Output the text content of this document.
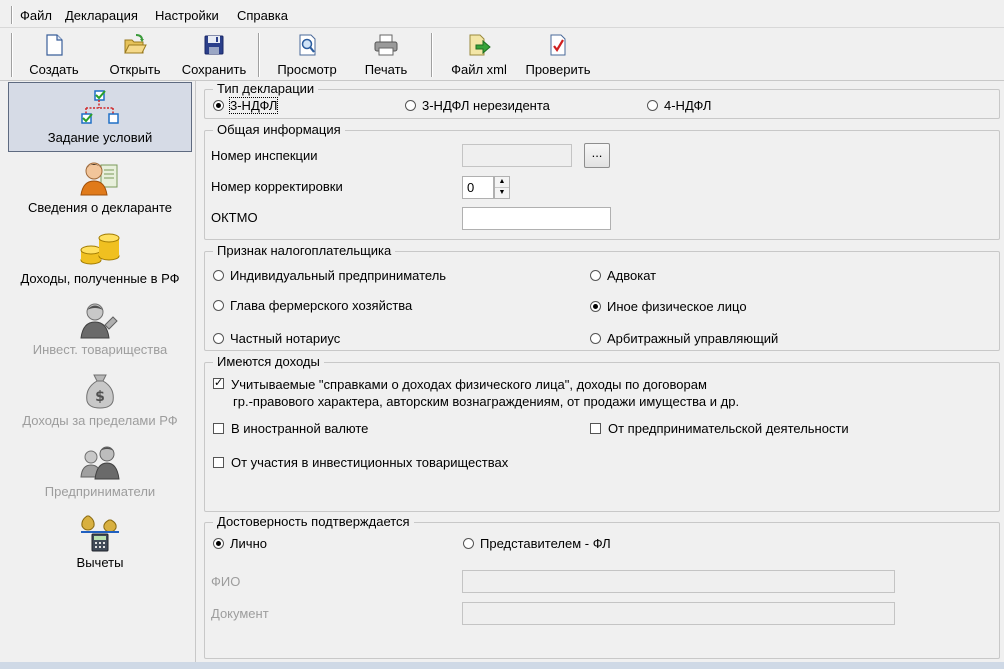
Файл Декларация Настройки Справка
Создать	Открыть	Сохранить	Просмотр	Печать	Файл xml	Проверить
Задание условий
Сведения о декларанте
Доходы, полученные в РФ
Инвест. товарищества
$
Доходы за пределами РФ
Предприниматели
Вычеты
Тип декларации
3-НДФЛ	3-НДФЛ нерезидента	4-НДФЛ
Общая информация
Номер инспекции	...
Номер корректировки	0	▲
▼
ОКТМО
Признак налогоплательщика
Индивидуальный предприниматель	Адвокат
Глава фермерского хозяйства	Иное физическое лицо
Частный нотариус	Арбитражный управляющий
Имеются доходы
✓ Учитываемые "справками о доходах физического лица", доходы по договорам
гр.-правового характера, авторским вознаграждениям, от продажи имущества и др.
В иностранной валюте	От предпринимательской деятельности
От участия в инвестиционных товариществах
Достоверность подтверждается
Лично	Представителем - ФЛ
ФИО
Документ
